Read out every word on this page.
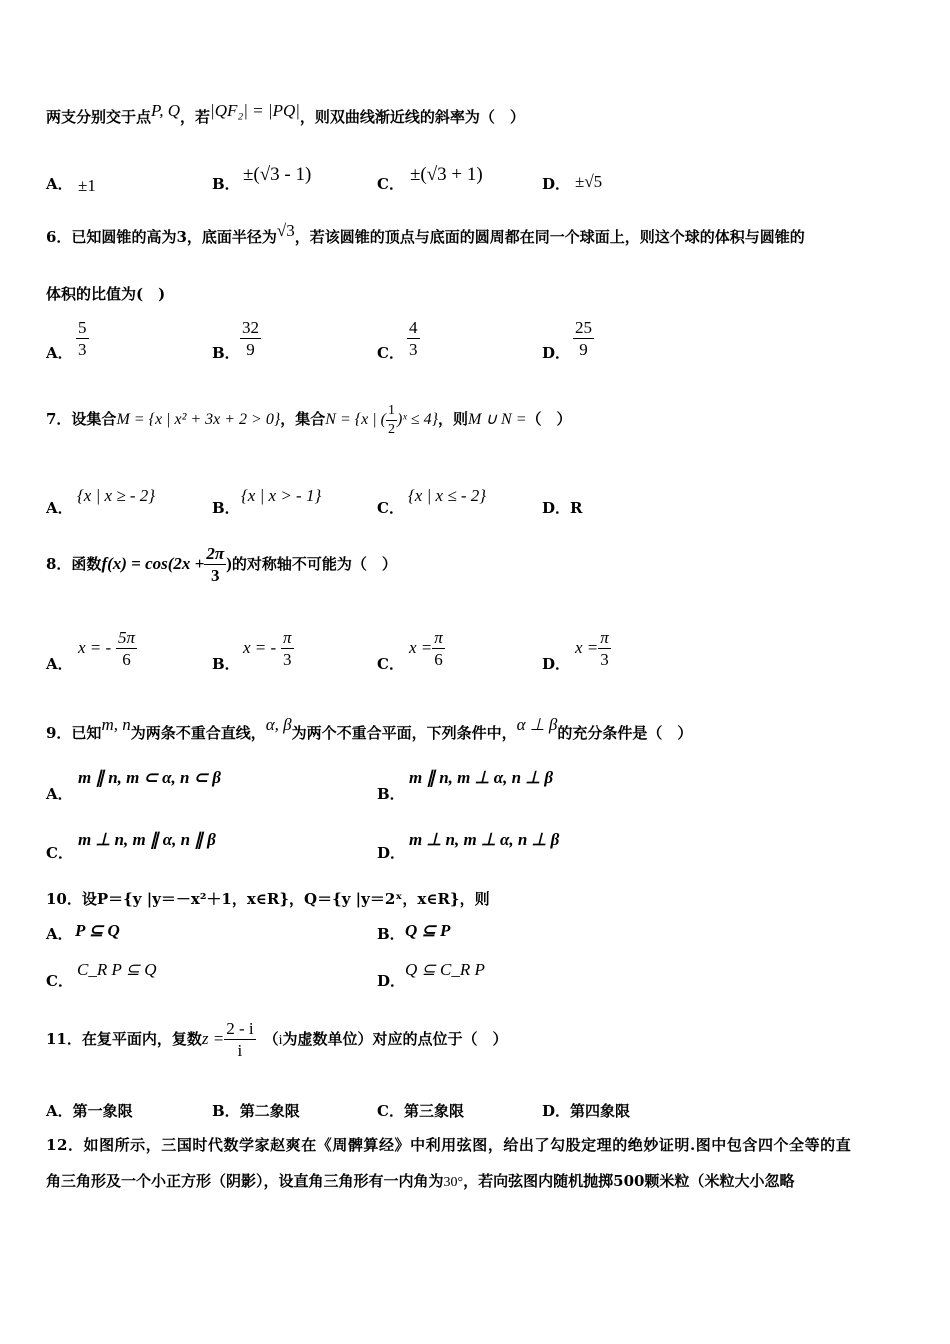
两支分别交于点P, Q，若|QF₂| = |PQ|，则双曲线渐近线的斜率为（　）
A． ±1	B． ±(√3 - 1)	C． ±(√3 + 1)	D． ±√5
6．已知圆锥的高为3，底面半径为√3，若该圆锥的顶点与底面的圆周都在同一个球面上，则这个球的体积与圆锥的
体积的比值为(　)
A． $\frac{5}{3}$	B． $\frac{32}{9}$	C． $\frac{4}{3}$	D． $\frac{25}{9}$
7．设集合M = {x | x² + 3x + 2 > 0}，集合N = {x | ( $\frac{1}{2}$ )ˣ ≤ 4}，则M ∪ N =（　）
A．
{x | x ≥ - 2}
B．
{x | x > - 1}
C．
{x | x ≤ - 2}
D．R
8．函数$f(x) = \cos(2x + \frac{2\pi}{3}$ )的对称轴不可能为（　）
A．
x = - $\frac{5\pi}{6}$	B．
x = - $\frac{\pi}{3}$	C．
$x = \frac{\pi}{6}$	D．
$x = \frac{\pi}{3}$
9．已知m, n为两条不重合直线，α, β为两个不重合平面，下列条件中，α ⊥ β的充分条件是（　）
A．
m ∥ n, m ⊂ α, n ⊂ β
B．
m ∥ n, m ⊥ α, n ⊥ β
C．
m ⊥ n, m ∥ α, n ∥ β
D．
m ⊥ n, m ⊥ α, n ⊥ β
10．设P＝{y |y＝－x²＋1，x∈R}，Q＝{y |y＝2ˣ，x∈R}，则
A． P ⊆ Q	B． Q ⊆ P
C．
C_R P ⊆ Q
D．
Q ⊆ C_R P
11．在复平面内，复数$z = \frac{2 - i}{i} (i$为虚数单位）对应的点位于（　）
A．第一象限	B．第二象限	C．第三象限	D．第四象限
12．如图所示，三国时代数学家赵爽在《周髀算经》中利用弦图，给出了勾股定理的绝妙证明.图中包含四个全等的直
角三角形及一个小正方形（阴影），设直角三角形有一内角为30°，若向弦图内随机抛掷500颗米粒（米粒大小忽略
